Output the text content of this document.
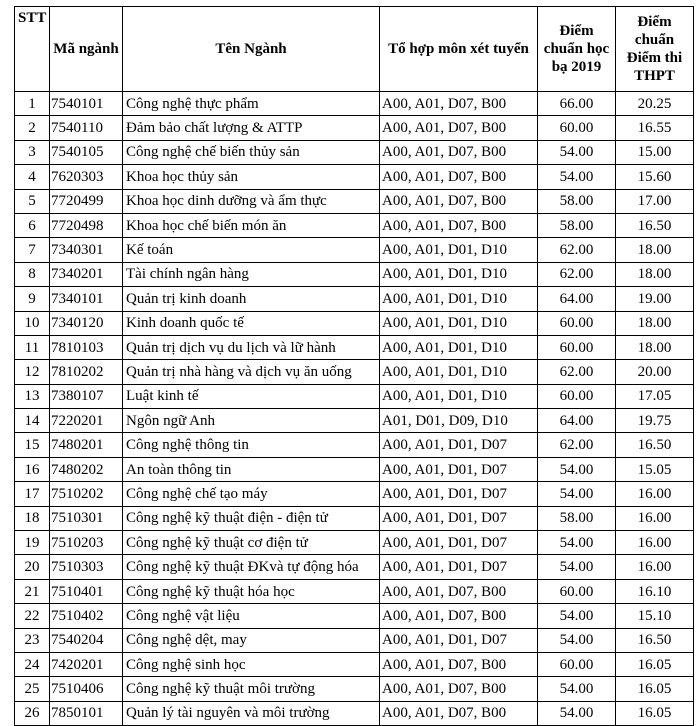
STT	Mã ngành	Tên Ngành	Tổ hợp môn xét tuyển	Điểm chuẩn học bạ 2019	Điểm chuẩn Điểm thi THPT
1	7540101	Công nghệ thực phẩm	A00, A01, D07, B00	66.00	20.25
2	7540110	Đảm bảo chất lượng & ATTP	A00, A01, D07, B00	60.00	16.55
3	7540105	Công nghệ chế biến thủy sản	A00, A01, D07, B00	54.00	15.00
4	7620303	Khoa học thủy sản	A00, A01, D07, B00	54.00	15.60
5	7720499	Khoa học dinh dưỡng và ẩm thực	A00, A01, D07, B00	58.00	17.00
6	7720498	Khoa học chế biến món ăn	A00, A01, D07, B00	58.00	16.50
7	7340301	Kế toán	A00, A01, D01, D10	62.00	18.00
8	7340201	Tài chính ngân hàng	A00, A01, D01, D10	62.00	18.00
9	7340101	Quản trị kinh doanh	A00, A01, D01, D10	64.00	19.00
10	7340120	Kinh doanh quốc tế	A00, A01, D01, D10	60.00	18.00
11	7810103	Quản trị dịch vụ du lịch và lữ hành	A00, A01, D01, D10	60.00	18.00
12	7810202	Quản trị nhà hàng và dịch vụ ăn uống	A00, A01, D01, D10	62.00	20.00
13	7380107	Luật kinh tế	A00, A01, D01, D10	60.00	17.05
14	7220201	Ngôn ngữ Anh	A01, D01, D09, D10	64.00	19.75
15	7480201	Công nghệ thông tin	A00, A01, D01, D07	62.00	16.50
16	7480202	An toàn thông tin	A00, A01, D01, D07	54.00	15.05
17	7510202	Công nghệ chế tạo máy	A00, A01, D01, D07	54.00	16.00
18	7510301	Công nghệ kỹ thuật điện - điện tử	A00, A01, D01, D07	58.00	16.00
19	7510203	Công nghệ kỹ thuật cơ điện tử	A00, A01, D01, D07	54.00	16.00
20	7510303	Công nghệ kỹ thuật ĐKvà tự động hóa	A00, A01, D01, D07	54.00	16.00
21	7510401	Công nghệ kỹ thuật hóa học	A00, A01, D07, B00	60.00	16.10
22	7510402	Công nghệ vật liệu	A00, A01, D07, B00	54.00	15.10
23	7540204	Công nghệ dệt, may	A00, A01, D01, D07	54.00	16.50
24	7420201	Công nghệ sinh học	A00, A01, D07, B00	60.00	16.05
25	7510406	Công nghệ kỹ thuật môi trường	A00, A01, D07, B00	54.00	16.05
26	7850101	Quản lý tài nguyên và môi trường	A00, A01, D07, B00	54.00	16.05
